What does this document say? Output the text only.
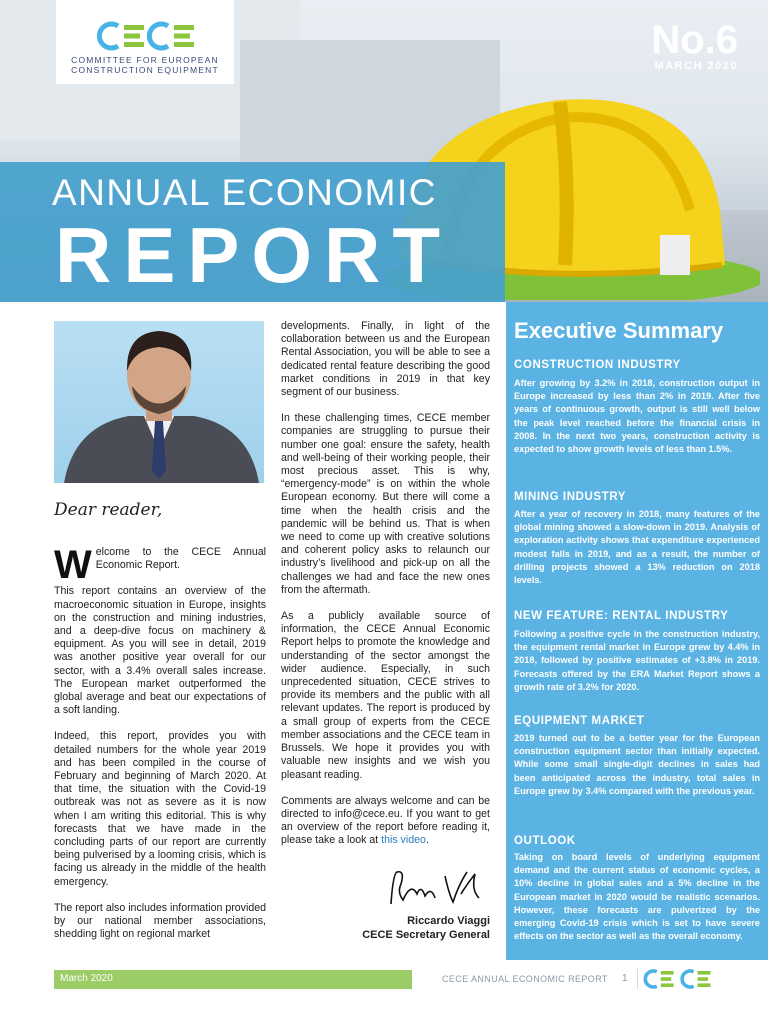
COMMITTEE FOR EUROPEAN
CONSTRUCTION EQUIPMENT
No.6
MARCH 2020
ANNUAL ECONOMIC
REPORT
Dear reader,

Welcome to the CECE Annual Economic Report.

This report contains an overview of the macroeconomic situation in Europe, insights on the construction and mining industries, and a deep-dive focus on machinery & equipment. As you will see in detail, 2019 was another positive year overall for our sector, with a 3.4% overall sales increase. The European market outperformed the global average and beat our expectations of a soft landing.

Indeed, this report, provides you with detailed numbers for the whole year 2019 and has been compiled in the course of February and beginning of March 2020. At that time, the situation with the Covid-19 outbreak was not as severe as it is now when I am writing this editorial. This is why forecasts that we have made in the concluding parts of our report are currently being pulverised by a looming crisis, which is facing us already in the middle of the health emergency.

The report also includes information provided by our national member associations, shedding light on regional market

developments. Finally, in light of the collaboration between us and the European Rental Association, you will be able to see a dedicated rental feature describing the good market conditions in 2019 in that key segment of our business.

In these challenging times, CECE member companies are struggling to pursue their number one goal: ensure the safety, health and well-being of their working people, their most precious asset. This is why, “emergency-mode” is on within the whole European economy. But there will come a time when the health crisis and the pandemic will be behind us. That is when we need to come up with creative solutions and coherent policy asks to relaunch our industry’s livelihood and pick-up on all the challenges we had and face the new ones from the aftermath.

As a publicly available source of information, the CECE Annual Economic Report helps to promote the knowledge and understanding of the sector amongst the wider audience. Especially, in such unprecedented situation, CECE strives to provide its members and the public with all relevant updates. The report is produced by a small group of experts from the CECE member associations and the CECE team in Brussels. We hope it provides you with valuable new insights and we wish you pleasant reading.

Comments are always welcome and can be directed to info@cece.eu. If you want to get an overview of the report before reading it, please take a look at this video.

Riccardo Viaggi
CECE Secretary General
Executive Summary
CONSTRUCTION INDUSTRY
After growing by 3.2% in 2018, construction output in Europe increased by less than 2% in 2019. After five years of continuous growth, output is still well below the peak level reached before the financial crisis in 2008. In the next two years, construction activity is expected to show growth levels of less than 1.5%.
MINING INDUSTRY
After a year of recovery in 2018, many features of the global mining showed a slow-down in 2019. Analysis of exploration activity shows that expenditure experienced modest falls in 2019, and as a result, the number of drilling projects showed a 13% reduction on 2018 levels.
NEW FEATURE: RENTAL INDUSTRY
Following a positive cycle in the construction industry, the equipment rental market in Europe grew by 4.4% in 2018, followed by positive estimates of +3.8% in 2019. Forecasts offered by the ERA Market Report shows a growth rate of 3.2% for 2020.
EQUIPMENT MARKET
2019 turned out to be a better year for the European construction equipment sector than initially expected. While some small single-digit declines in sales had been anticipated across the industry, total sales in Europe grew by 3.4% compared with the previous year.
OUTLOOK
Taking on board levels of underlying equipment demand and the current status of economic cycles, a 10% decline in global sales and a 5% decline in the European market in 2020 would be realistic scenarios. However, these forecasts are pulverized by the emerging Covid-19 crisis which is set to have severe effects on the sector as well as the overall economy.
March 2020	CECE ANNUAL ECONOMIC REPORT 1
